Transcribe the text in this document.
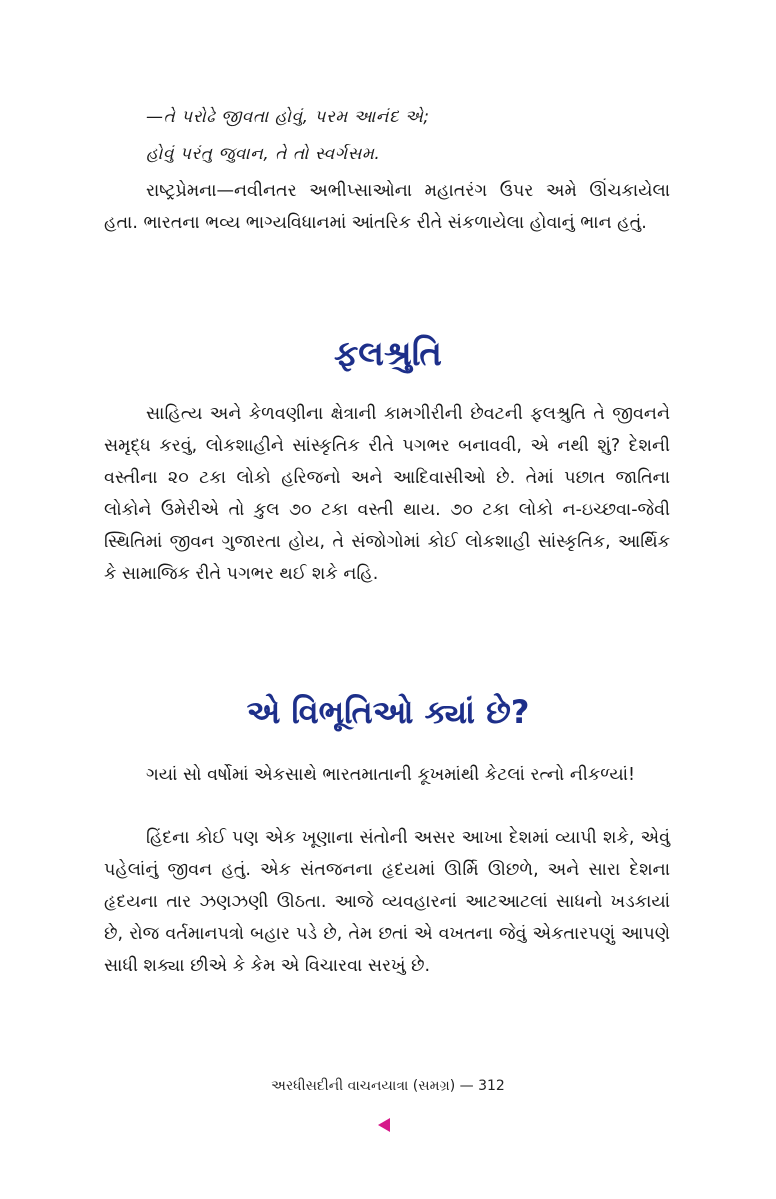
—તે પરોઢે જીવતા હોવું, પરમ આનંદ એ;
હોવું પરંતુ જુવાન, તે તો સ્વર્ગસમ.

રાષ્ટ્રપ્રેમના—નવીનતર અભીપ્સાઓના મહાતરંગ ઉપર અમે ઊંચકાયેલા હતા. ભારતના ભવ્ય ભાગ્યવિધાનમાં આંતરિક રીતે સંકળાયેલા હોવાનું ભાન હતું.

ફલશ્રુતિ

સાહિત્ય અને કેળવણીના ક્ષેત્રાની કામગીરીની છેવટની ફલશ્રુતિ તે જીવનને સમૃદ્ધ કરવું, લોકશાહીને સાંસ્કૃતિક રીતે પગભર બનાવવી, એ નથી શું? દેશની વસ્તીના ૨૦ ટકા લોકો હરિજનો અને આદિવાસીઓ છે. તેમાં પછાત જાતિના લોકોને ઉમેરીએ તો કુલ ૭૦ ટકા વસ્તી થાય. ૭૦ ટકા લોકો ન-ઇચ્છવા-જેવી સ્થિતિમાં જીવન ગુજારતા હોય, તે સંજોગોમાં કોઈ લોકશાહી સાંસ્કૃતિક, આર્થિક કે સામાજિક રીતે પગભર થઈ શકે નહિ.

એ વિભૂતિઓ ક્યાં છે?

ગયાં સો વર્ષોમાં એકસાથે ભારતમાતાની કૂખમાંથી કેટલાં રત્નો નીકળ્યાં!

હિંદના કોઈ પણ એક ખૂણાના સંતોની અસર આખા દેશમાં વ્યાપી શકે, એવું પહેલાંનું જીવન હતું. એક સંતજનના હૃદયમાં ઊર્મિ ઊછળે, અને સારા દેશના હૃદયના તાર ઝણઝણી ઊઠતા. આજે વ્યવહારનાં આટઆટલાં સાધનો ખડકાયાં છે, રોજ વર્તમાનપત્રો બહાર પડે છે, તેમ છતાં એ વખતના જેવું એકતારપણું આપણે સાધી શક્યા છીએ કે કેમ એ વિચારવા સરખું છે.

અરધીસદીની વાચનયાત્રા (સમગ્ર) — 312
